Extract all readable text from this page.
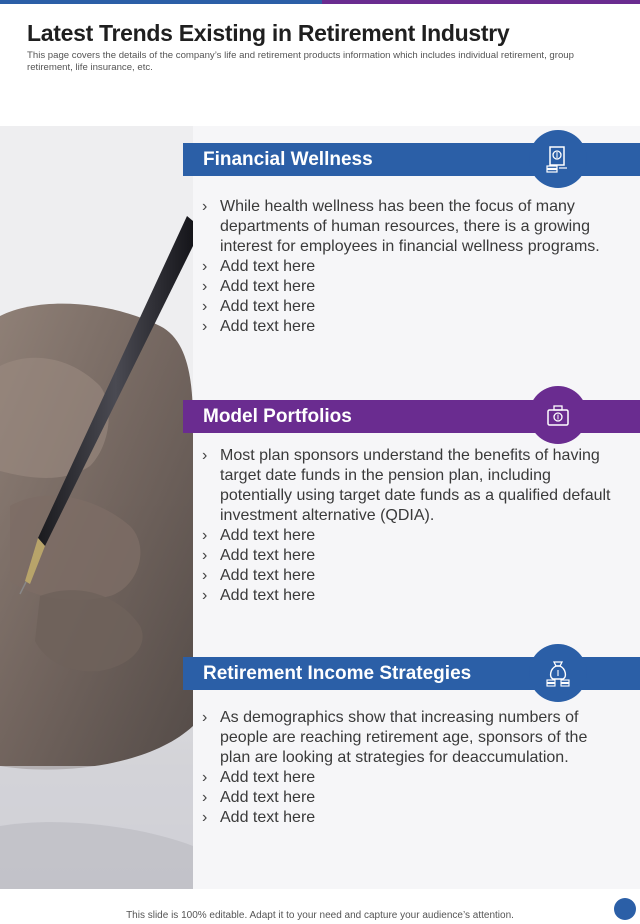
Latest Trends Existing in Retirement Industry
This page covers the details of the company’s life and retirement products information which includes individual retirement, group retirement, life insurance, etc.
Financial Wellness
› While health wellness has been the focus of many departments of human resources, there is a growing interest for employees in financial wellness programs.
› Add text here
› Add text here
› Add text here
› Add text here
Model Portfolios
› Most plan sponsors understand the benefits of having target date funds in the pension plan, including potentially using target date funds as a qualified default investment alternative (QDIA).
› Add text here
› Add text here
› Add text here
› Add text here
Retirement Income Strategies
› As demographics show that increasing numbers of people are reaching retirement age, sponsors of the plan are looking at strategies for deaccumulation.
› Add text here
› Add text here
› Add text here
This slide is 100% editable. Adapt it to your need and capture your audience’s attention.
